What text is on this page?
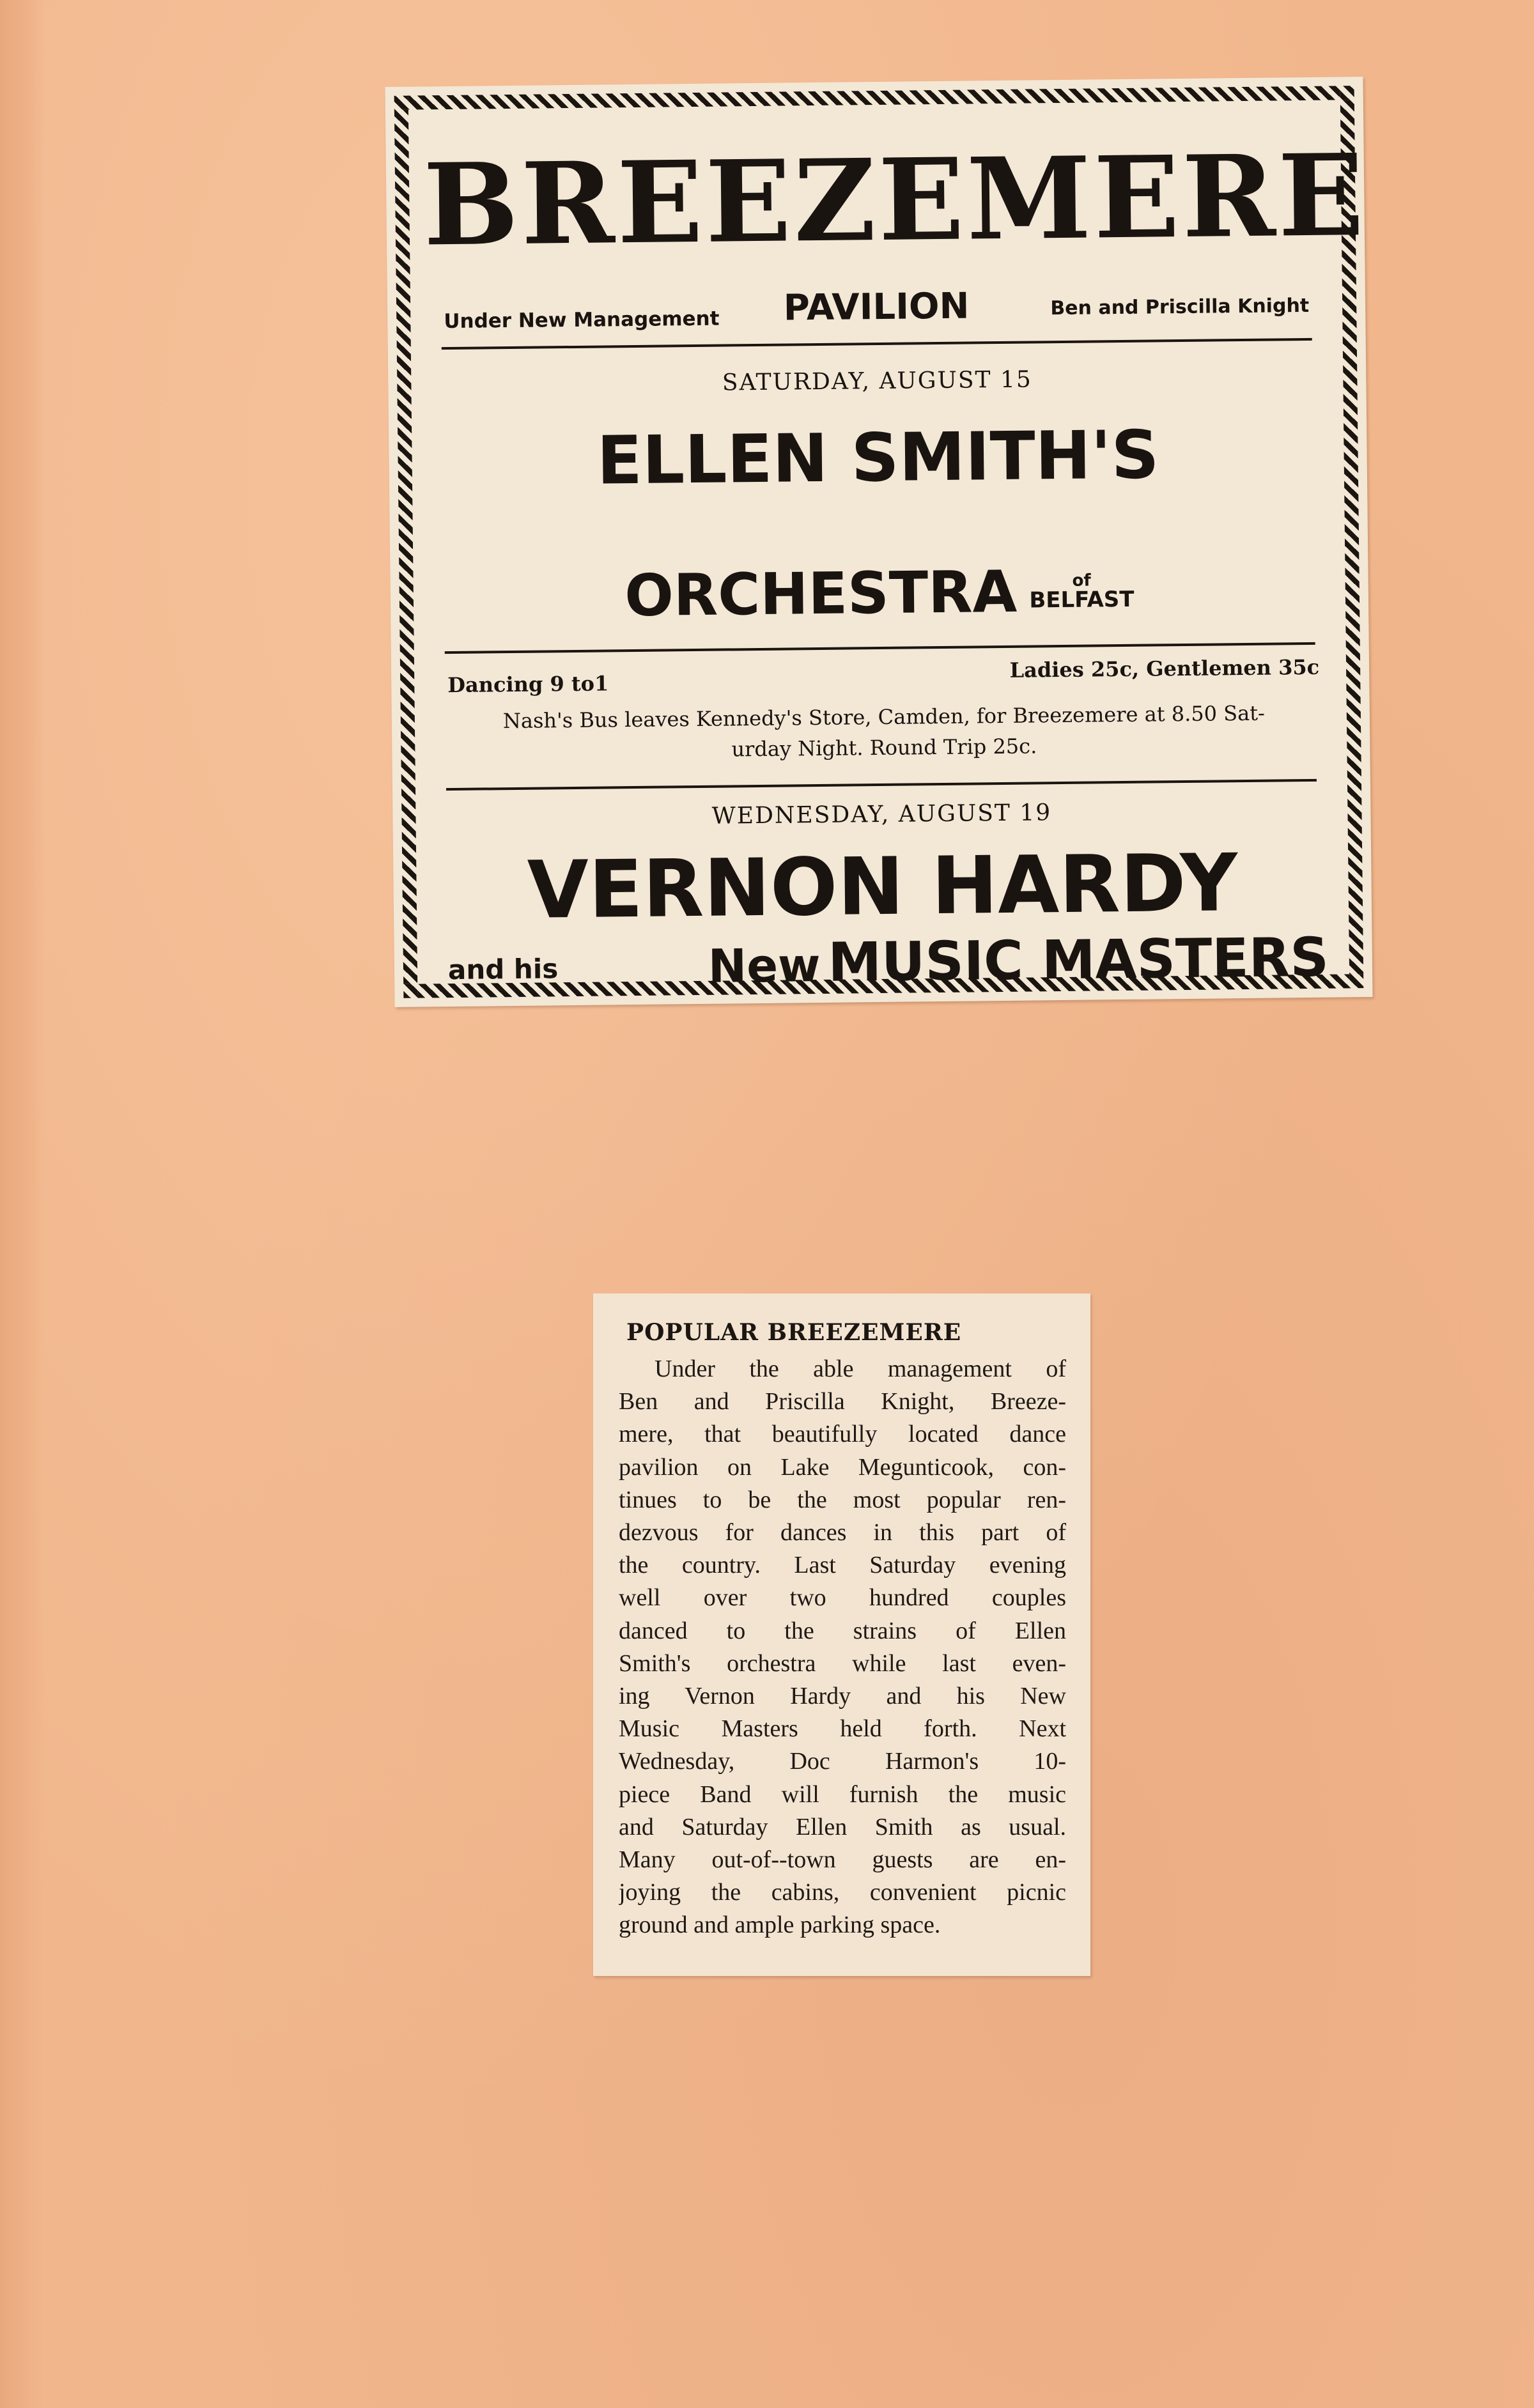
BREEZEMERE
Under New Management	PAVILION	Ben and Priscilla Knight
SATURDAY, AUGUST 15
ELLEN SMITH'S
ORCHESTRA	of
BELFAST
Dancing 9 to1
Ladies 25c, Gentlemen 35c
Nash's Bus leaves Kennedy's Store, Camden, for Breezemere at 8.50 Sat-
urday Night. Round Trip 25c.
WEDNESDAY, AUGUST 19
VERNON HARDY
and his	New MUSIC MASTERS
POPULAR BREEZEMERE
Under the able management of
Ben and Priscilla Knight, Breeze-
mere, that beautifully located dance
pavilion on Lake Megunticook, con-
tinues to be the most popular ren-
dezvous for dances in this part of
the country. Last Saturday evening
well over two hundred couples
danced to the strains of Ellen
Smith's orchestra while last even-
ing Vernon Hardy and his New
Music Masters held forth. Next
Wednesday, Doc Harmon's 10-
piece Band will furnish the music
and Saturday Ellen Smith as usual.
Many out-of--town guests are en-
joying the cabins, convenient picnic
ground and ample parking space.
